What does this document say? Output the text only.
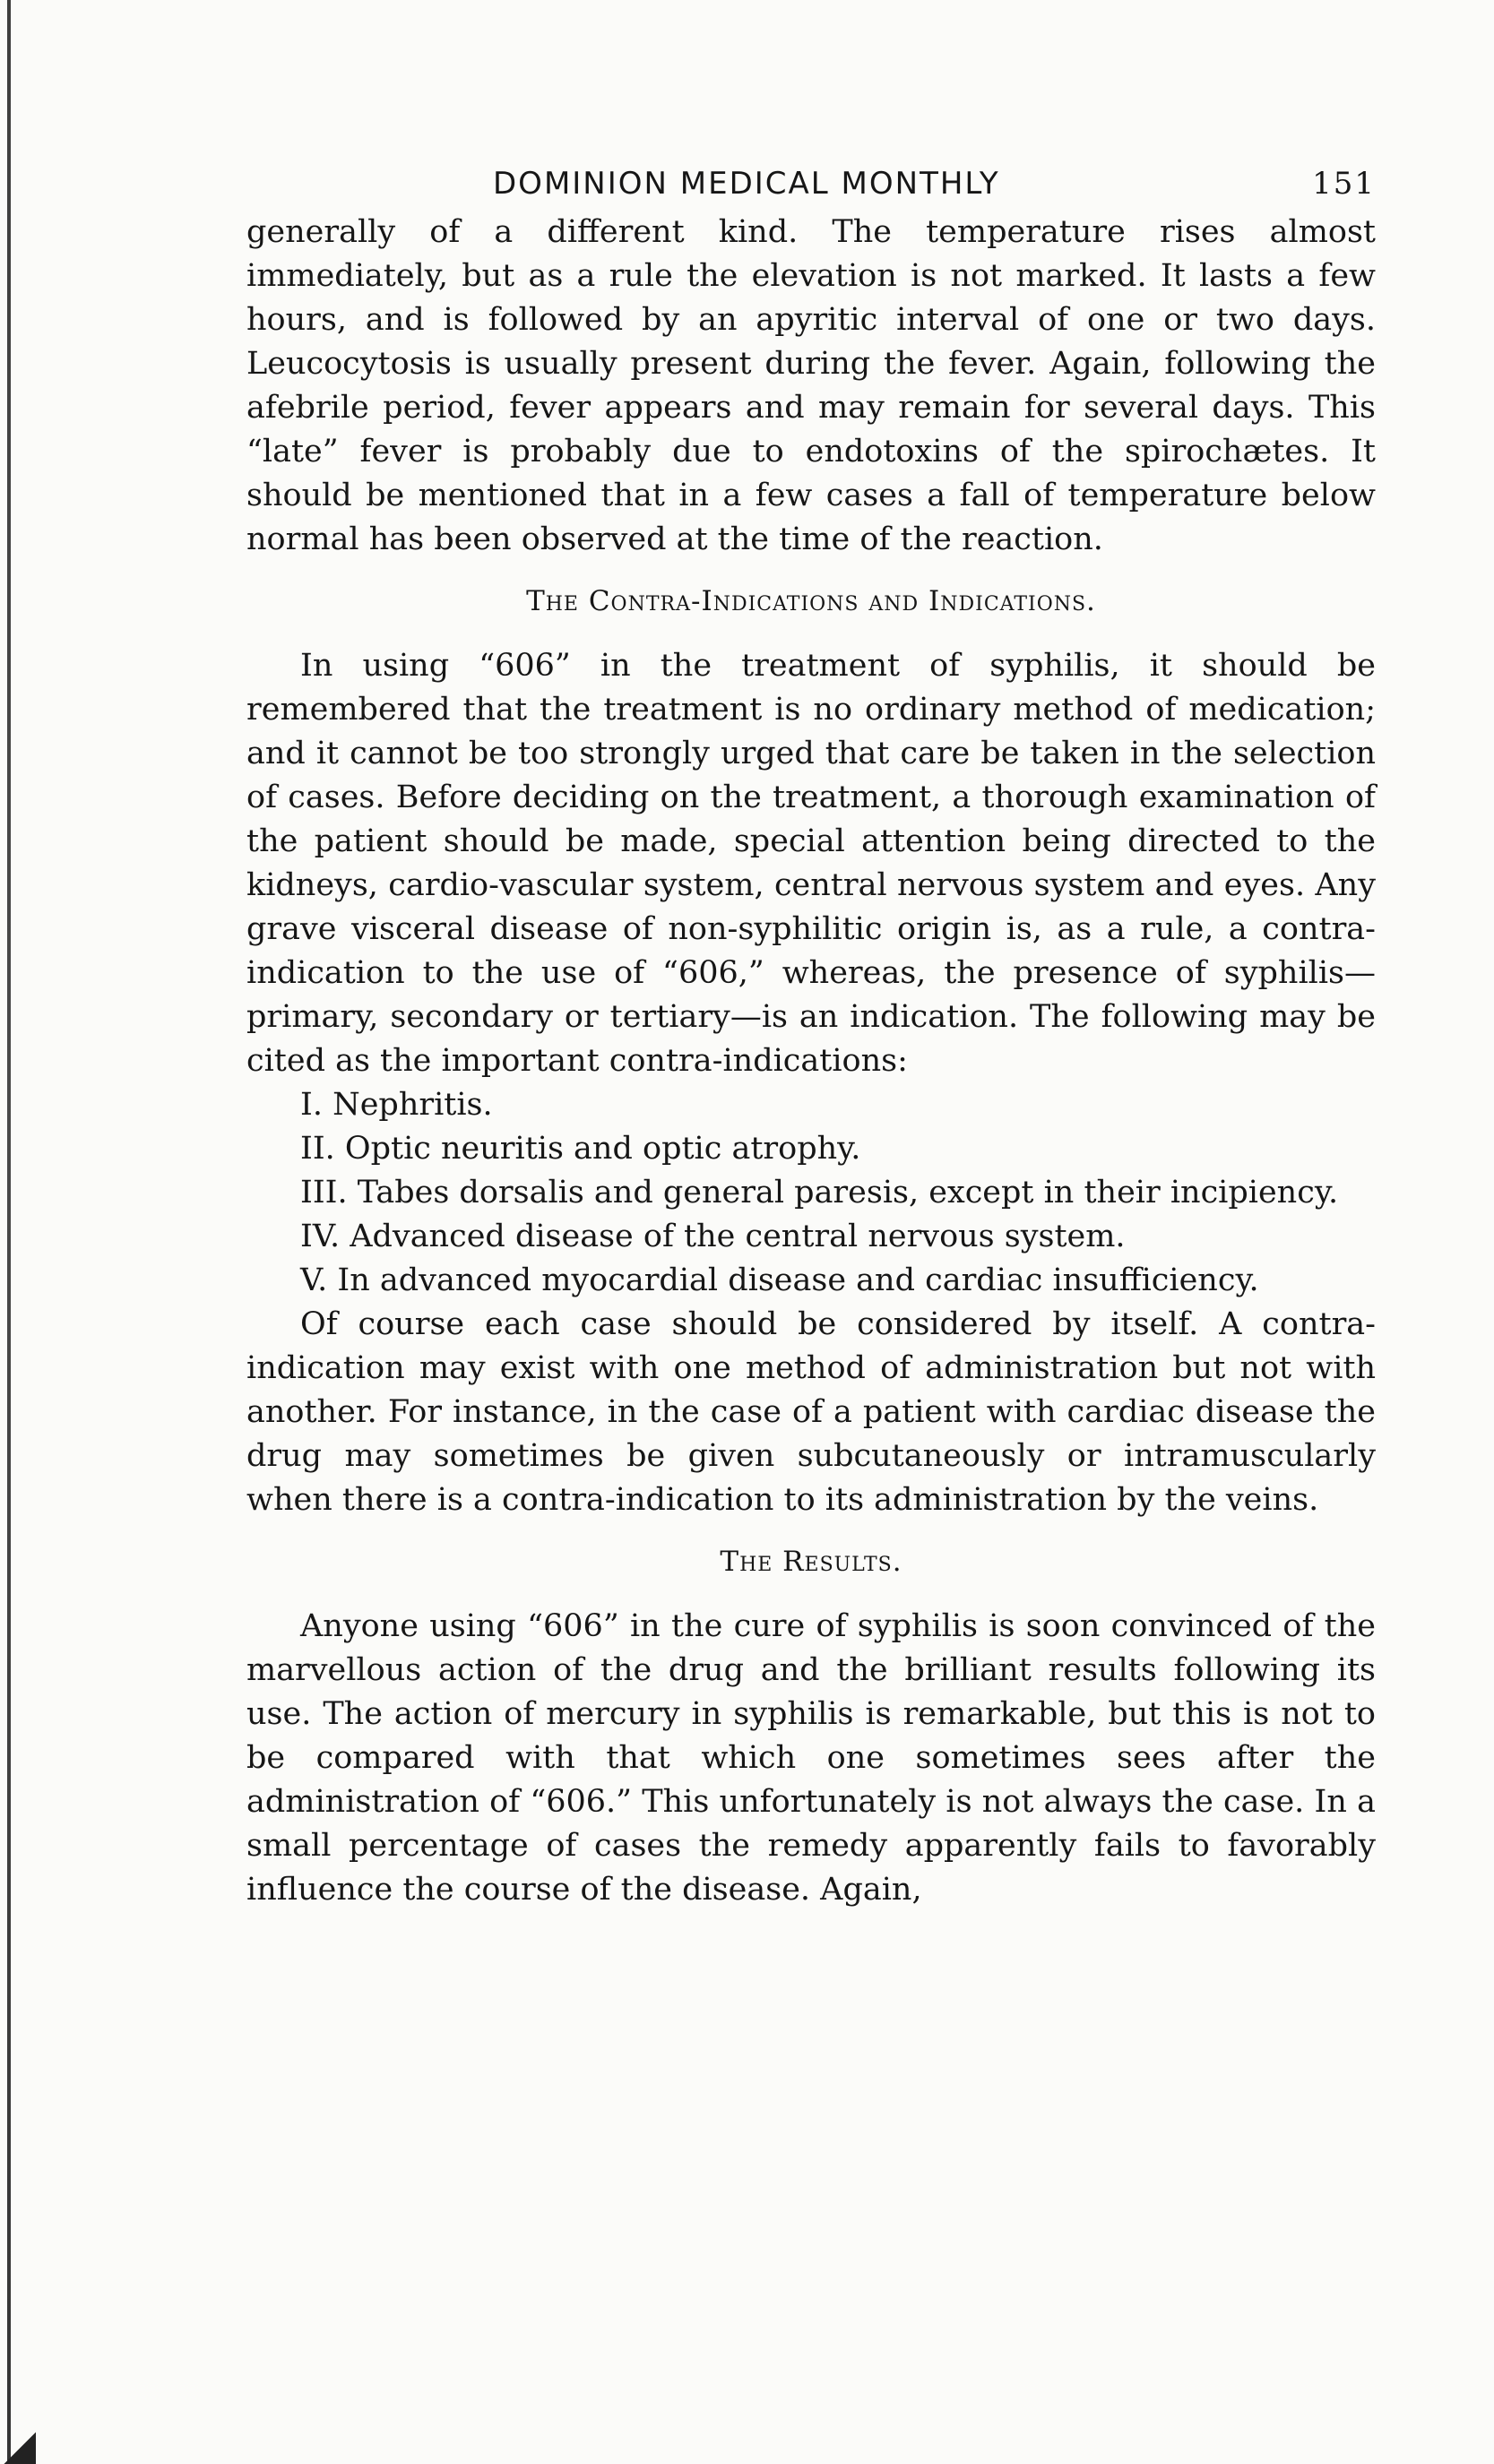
DOMINION MEDICAL MONTHLY	151

generally of a different kind. The temperature rises almost immediately, but as a rule the elevation is not marked. It lasts a few hours, and is followed by an apyritic interval of one or two days. Leucocytosis is usually present during the fever. Again, following the afebrile period, fever appears and may remain for several days. This “late” fever is probably due to endotoxins of the spirochætes. It should be mentioned that in a few cases a fall of temperature below normal has been observed at the time of the reaction.

The Contra-Indications and Indications.

In using “606” in the treatment of syphilis, it should be remembered that the treatment is no ordinary method of medication; and it cannot be too strongly urged that care be taken in the selection of cases. Before deciding on the treatment, a thorough examination of the patient should be made, special attention being directed to the kidneys, cardio-vascular system, central nervous system and eyes. Any grave visceral disease of non-syphilitic origin is, as a rule, a contra-indication to the use of “606,” whereas, the presence of syphilis—primary, secondary or tertiary—is an indication. The following may be cited as the important contra-indications:

I. Nephritis.

II. Optic neuritis and optic atrophy.

III. Tabes dorsalis and general paresis, except in their incipiency.

IV. Advanced disease of the central nervous system.

V. In advanced myocardial disease and cardiac insufficiency.

Of course each case should be considered by itself. A contra-indication may exist with one method of administration but not with another. For instance, in the case of a patient with cardiac disease the drug may sometimes be given subcutaneously or intramuscularly when there is a contra-indication to its administration by the veins.

The Results.

Anyone using “606” in the cure of syphilis is soon convinced of the marvellous action of the drug and the brilliant results following its use. The action of mercury in syphilis is remarkable, but this is not to be compared with that which one sometimes sees after the administration of “606.” This unfortunately is not always the case. In a small percentage of cases the remedy apparently fails to favorably influence the course of the disease. Again,
